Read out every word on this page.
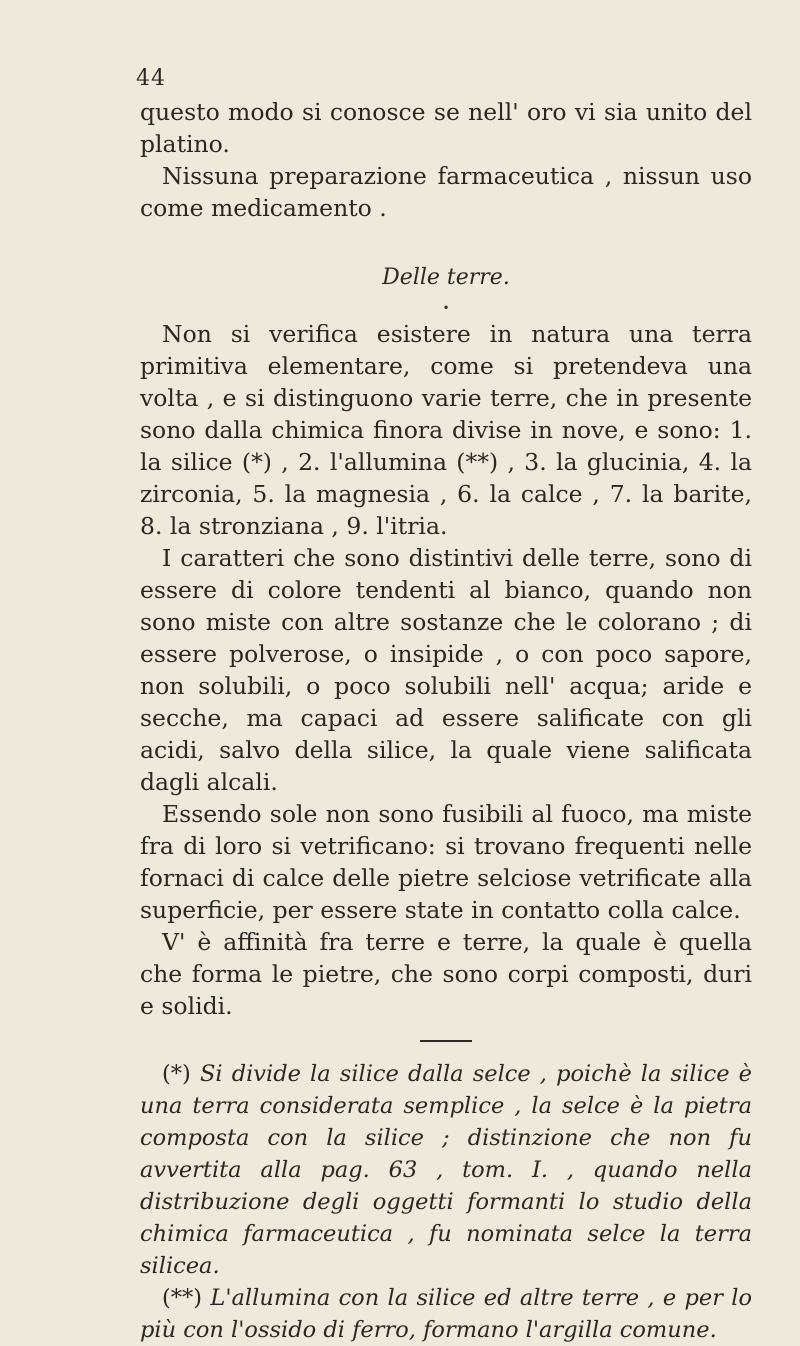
44

questo modo si conosce se nell' oro vi sia unito del platino.

Nissuna preparazione farmaceutica , nissun uso come medicamento .

Delle terre.
•

Non si verifica esistere in natura una terra primitiva elementare, come si pretendeva una volta , e si distinguono varie terre, che in presente sono dalla chimica finora divise in nove, e sono: 1. la silice (*) , 2. l'allumina (**) , 3. la glucinia, 4. la zirconia, 5. la magnesia , 6. la calce , 7. la barite, 8. la stronziana , 9. l'itria.

I caratteri che sono distintivi delle terre, sono di essere di colore tendenti al bianco, quando non sono miste con altre sostanze che le colorano ; di essere polverose, o insipide , o con poco sapore, non solubili, o poco solubili nell' acqua; aride e secche, ma capaci ad essere salificate con gli acidi, salvo della silice, la quale viene salificata dagli alcali.

Essendo sole non sono fusibili al fuoco, ma miste fra di loro si vetrificano: si trovano frequenti nelle fornaci di calce delle pietre selciose vetrificate alla superficie, per essere state in contatto colla calce.

V' è affinità fra terre e terre, la quale è quella che forma le pietre, che sono corpi composti, duri e solidi.

(*) Si divide la silice dalla selce , poichè la silice è una terra considerata semplice , la selce è la pietra composta con la silice ; distinzione che non fu avvertita alla pag. 63 , tom. I. , quando nella distribuzione degli oggetti formanti lo studio della chimica farmaceutica , fu nominata selce la terra silicea.

(**) L'allumina con la silice ed altre terre , e per lo più con l'ossido di ferro, formano l'argilla comune.
